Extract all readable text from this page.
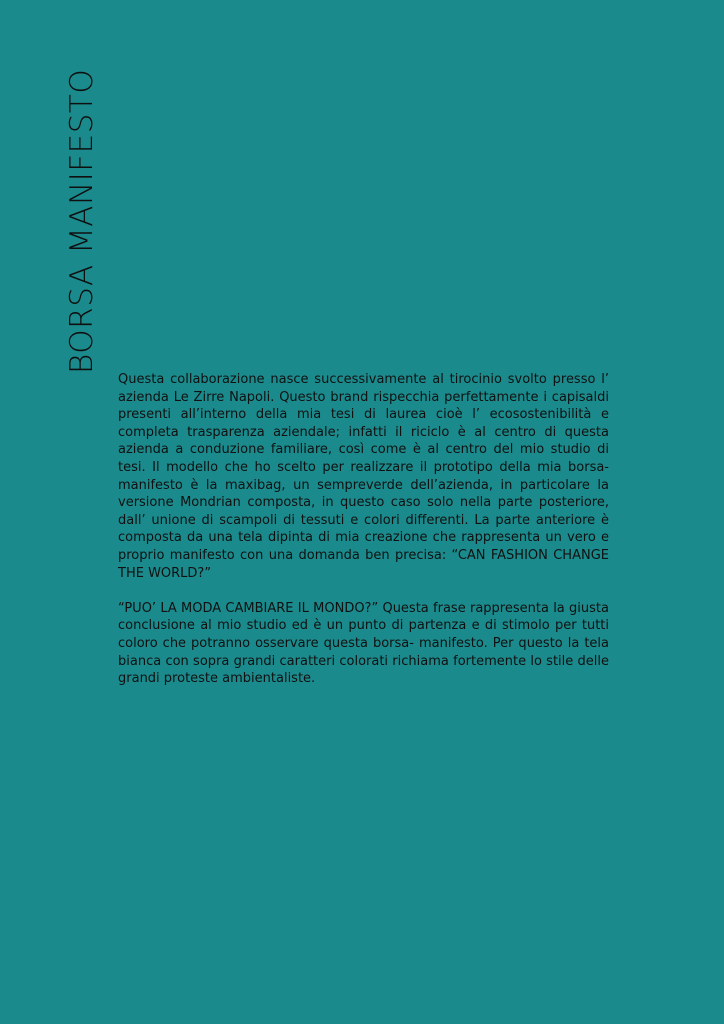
BORSA MANIFESTO

Questa collaborazione nasce successivamente al tirocinio svolto presso l’ azienda Le Zirre Napoli. Questo brand rispecchia perfettamente i capisaldi presenti all’interno della mia tesi di laurea cioè l’ ecosostenibilità e completa trasparenza aziendale; infatti il riciclo è al centro di questa azienda a conduzione familiare, così come è al centro del mio studio di tesi. Il modello che ho scelto per realizzare il prototipo della mia borsa-manifesto è la maxibag, un sempreverde dell’azienda, in particolare la versione Mondrian composta, in questo caso solo nella parte posteriore, dall’ unione di scampoli di tessuti e colori differenti. La parte anteriore è composta da una tela dipinta di mia creazione che rappresenta un vero e proprio manifesto con una domanda ben precisa: “CAN FASHION CHANGE THE WORLD?”

“PUO’ LA MODA CAMBIARE IL MONDO?” Questa frase rappresenta la giusta conclusione al mio studio ed è un punto di partenza e di stimolo per tutti coloro che potranno osservare questa borsa- manifesto. Per questo la tela bianca con sopra grandi caratteri colorati richiama fortemente lo stile delle grandi proteste ambientaliste.
